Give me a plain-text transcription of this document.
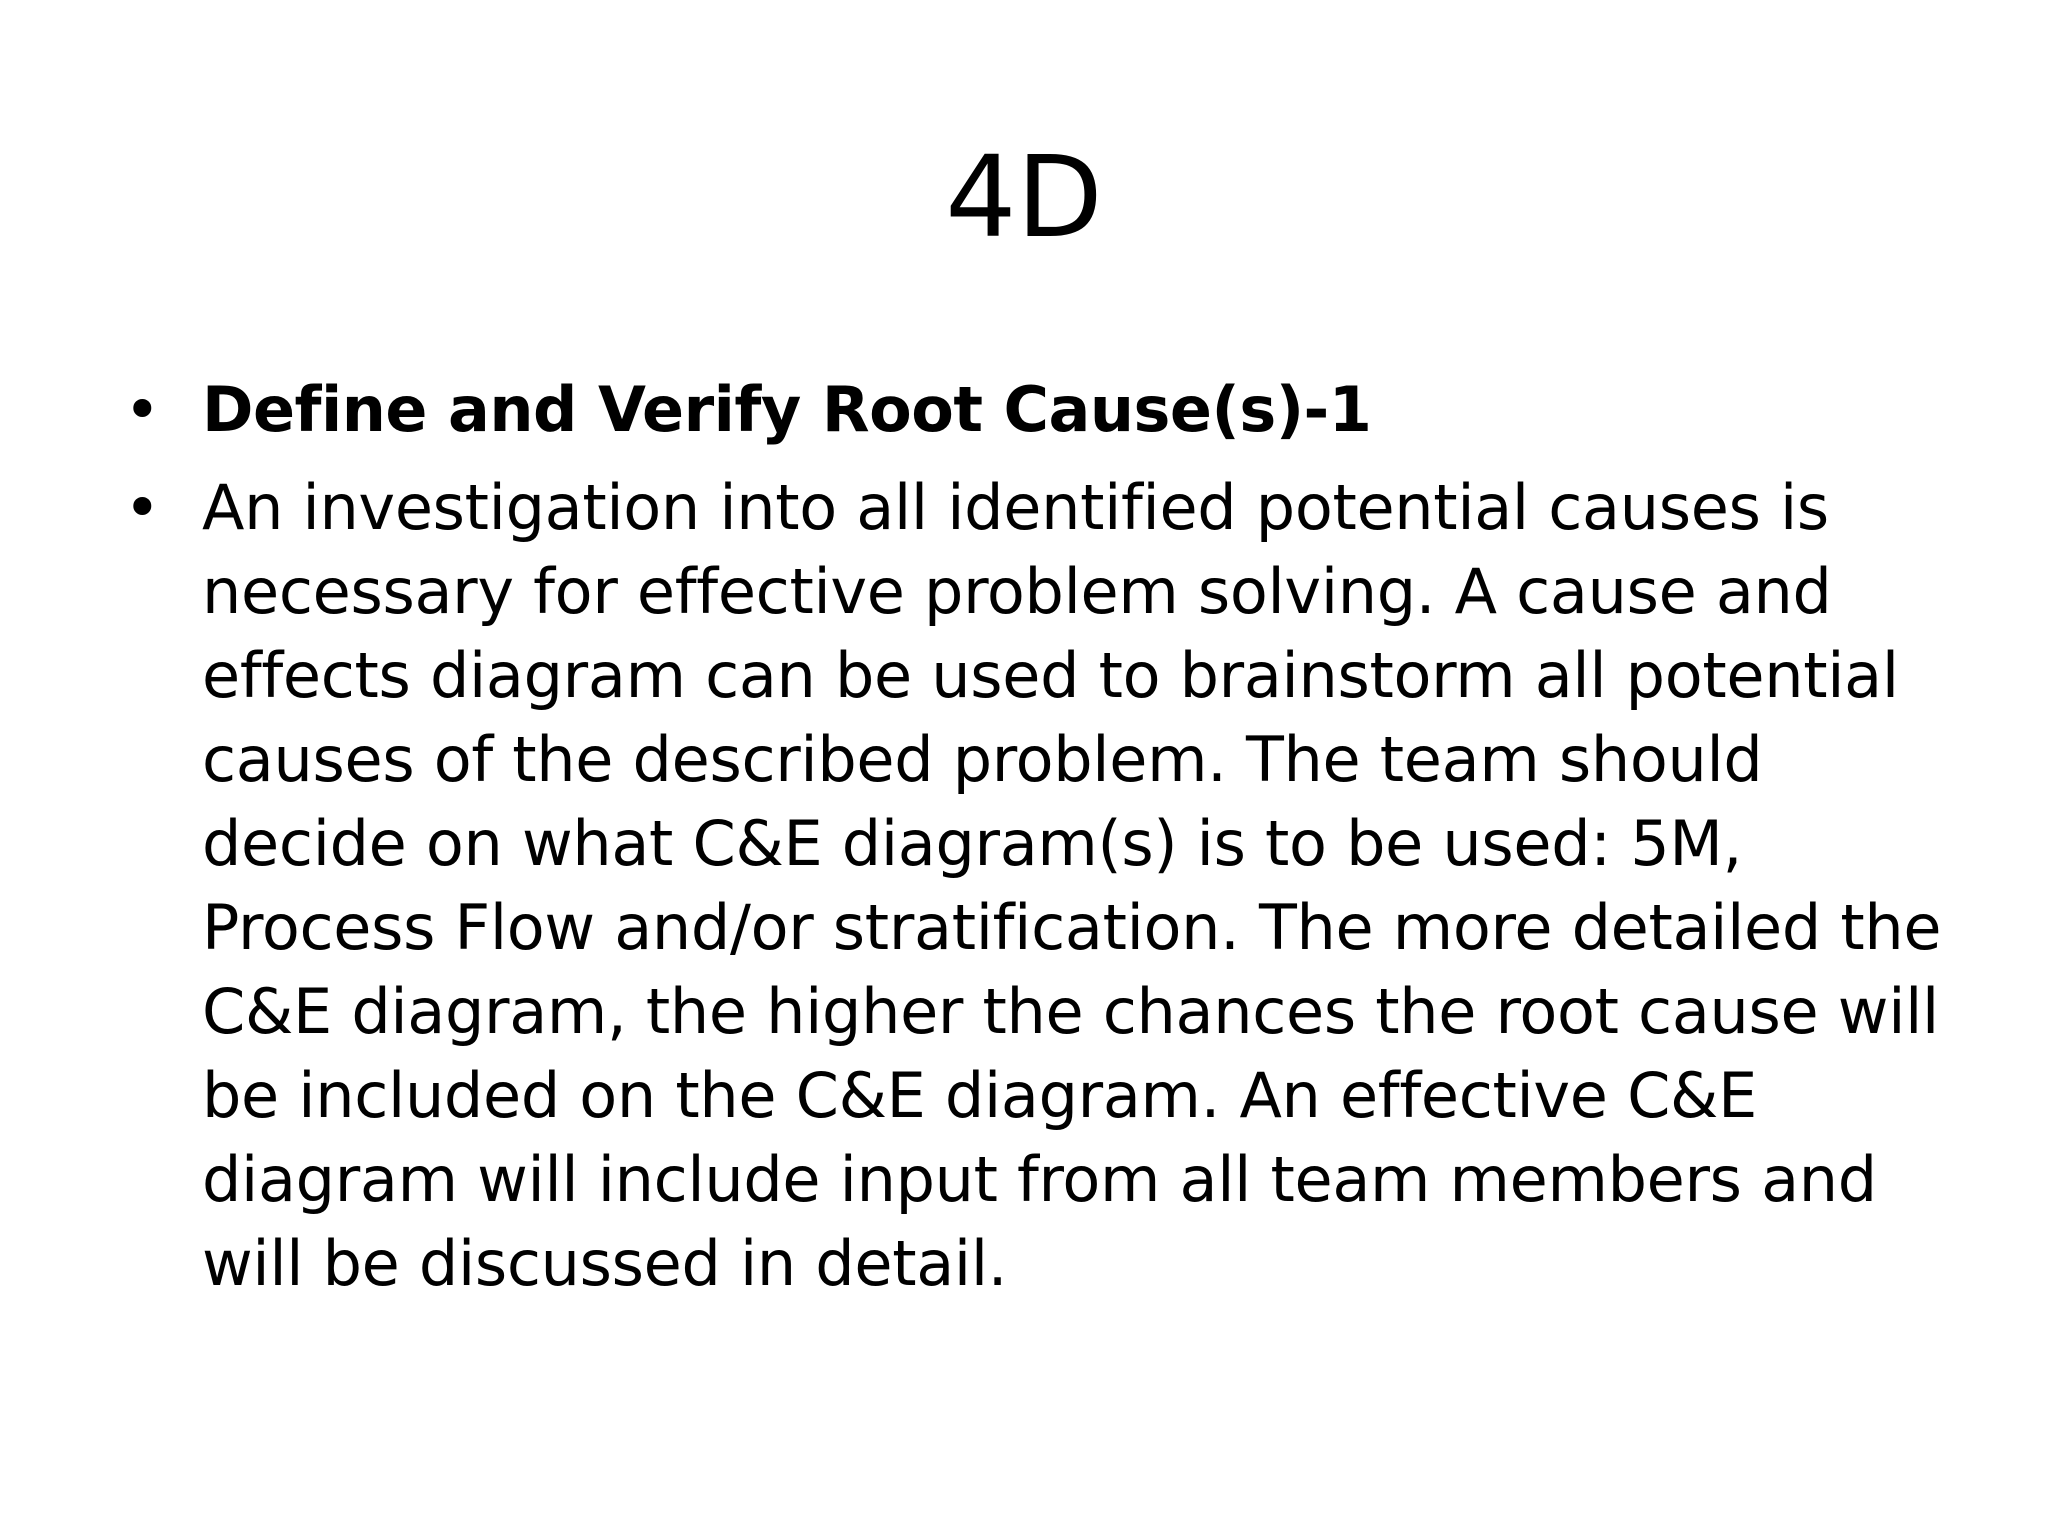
4D
• Define and Verify Root Cause(s)-1
• An investigation into all identified potential causes is necessary for effective problem solving. A cause and effects diagram can be used to brainstorm all potential causes of the described problem. The team should decide on what C&E diagram(s) is to be used: 5M, Process Flow and/or stratification. The more detailed the C&E diagram, the higher the chances the root cause will be included on the C&E diagram. An effective C&E diagram will include input from all team members and will be discussed in detail.
